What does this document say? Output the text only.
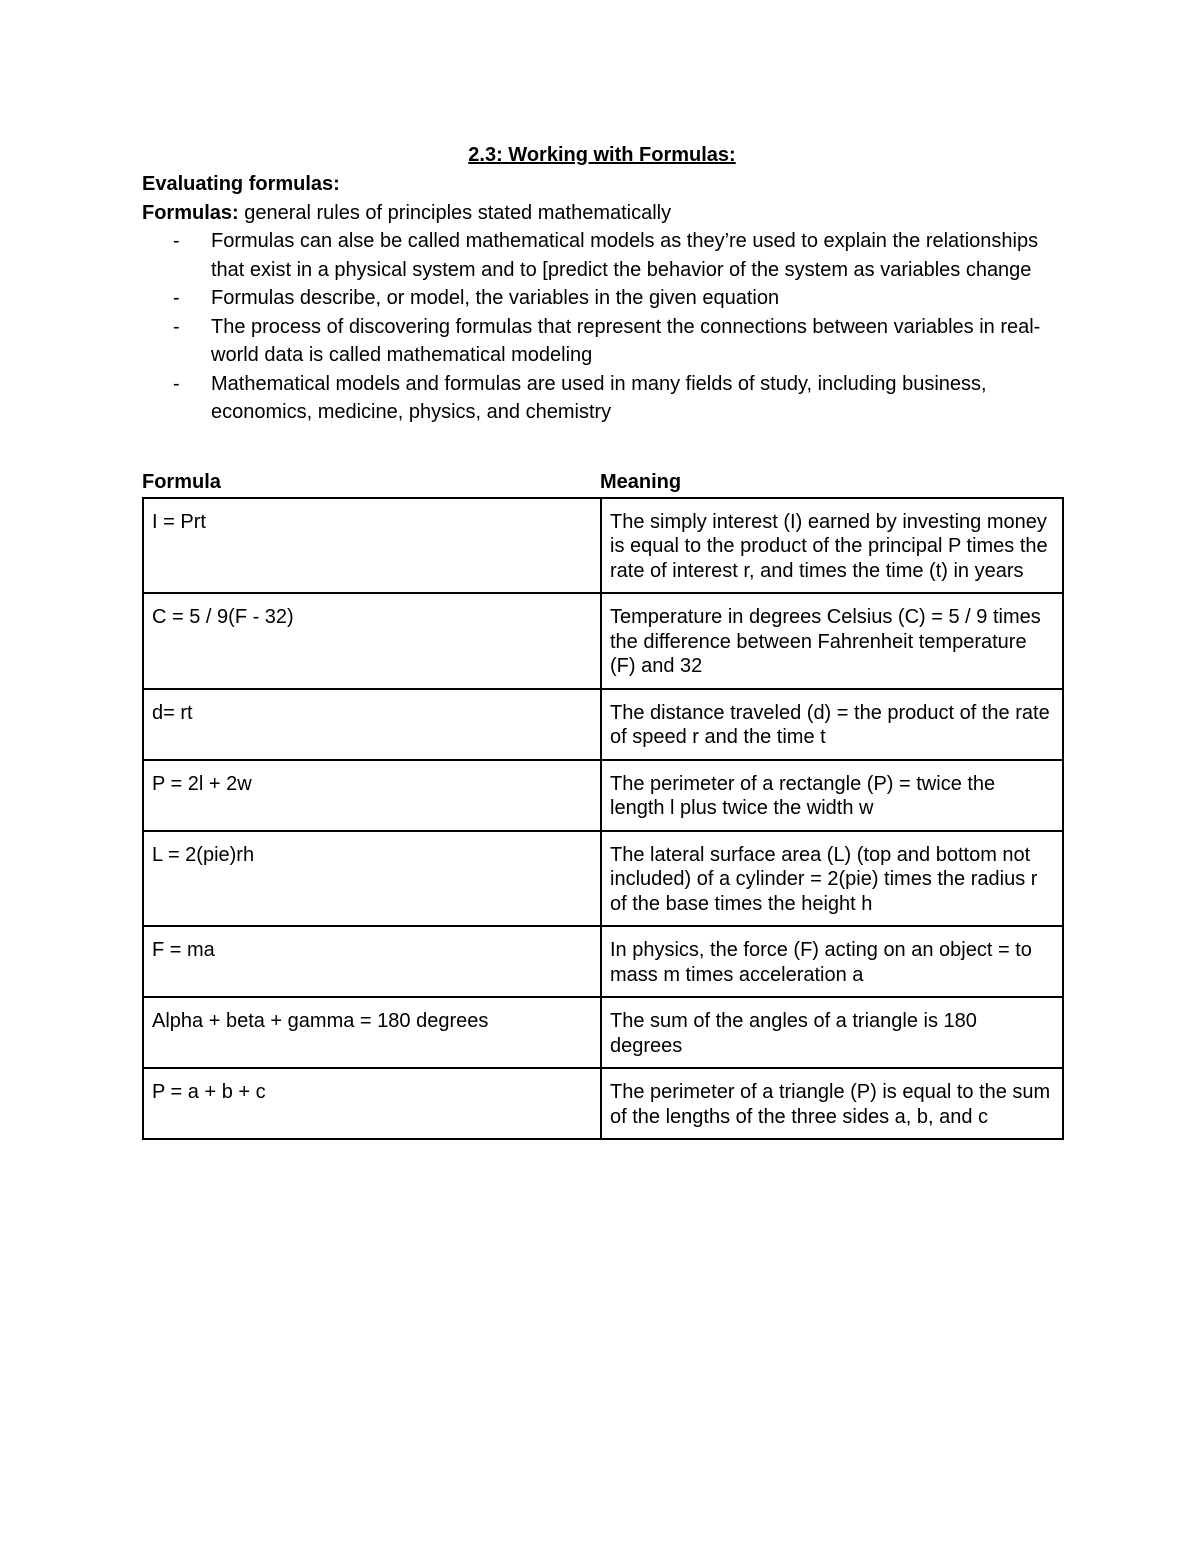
2.3: Working with Formulas:

Evaluating formulas:

Formulas: general rules of principles stated mathematically

- Formulas can alse be called mathematical models as they’re used to explain the relationships that exist in a physical system and to [predict the behavior of the system as variables change
- Formulas describe, or model, the variables in the given equation
- The process of discovering formulas that represent the connections between variables in real-world data is called mathematical modeling
- Mathematical models and formulas are used in many fields of study, including business, economics, medicine, physics, and chemistry
Formula	Meaning
I = Prt	The simply interest (I) earned by investing money is equal to the product of the principal P times the rate of interest r, and times the time (t) in years
C = 5 / 9(F - 32)	Temperature in degrees Celsius (C) = 5 / 9 times the difference between Fahrenheit temperature (F) and 32
d= rt	The distance traveled (d) = the product of the rate of speed r and the time t
P = 2l + 2w	The perimeter of a rectangle (P) = twice the length l plus twice the width w
L = 2(pie)rh	The lateral surface area (L) (top and bottom not included) of a cylinder = 2(pie) times the radius r of the base times the height h
F = ma	In physics, the force (F) acting on an object = to mass m times acceleration a
Alpha + beta + gamma = 180 degrees	The sum of the angles of a triangle is 180 degrees
P = a + b + c	The perimeter of a triangle (P) is equal to the sum of the lengths of the three sides a, b, and c
